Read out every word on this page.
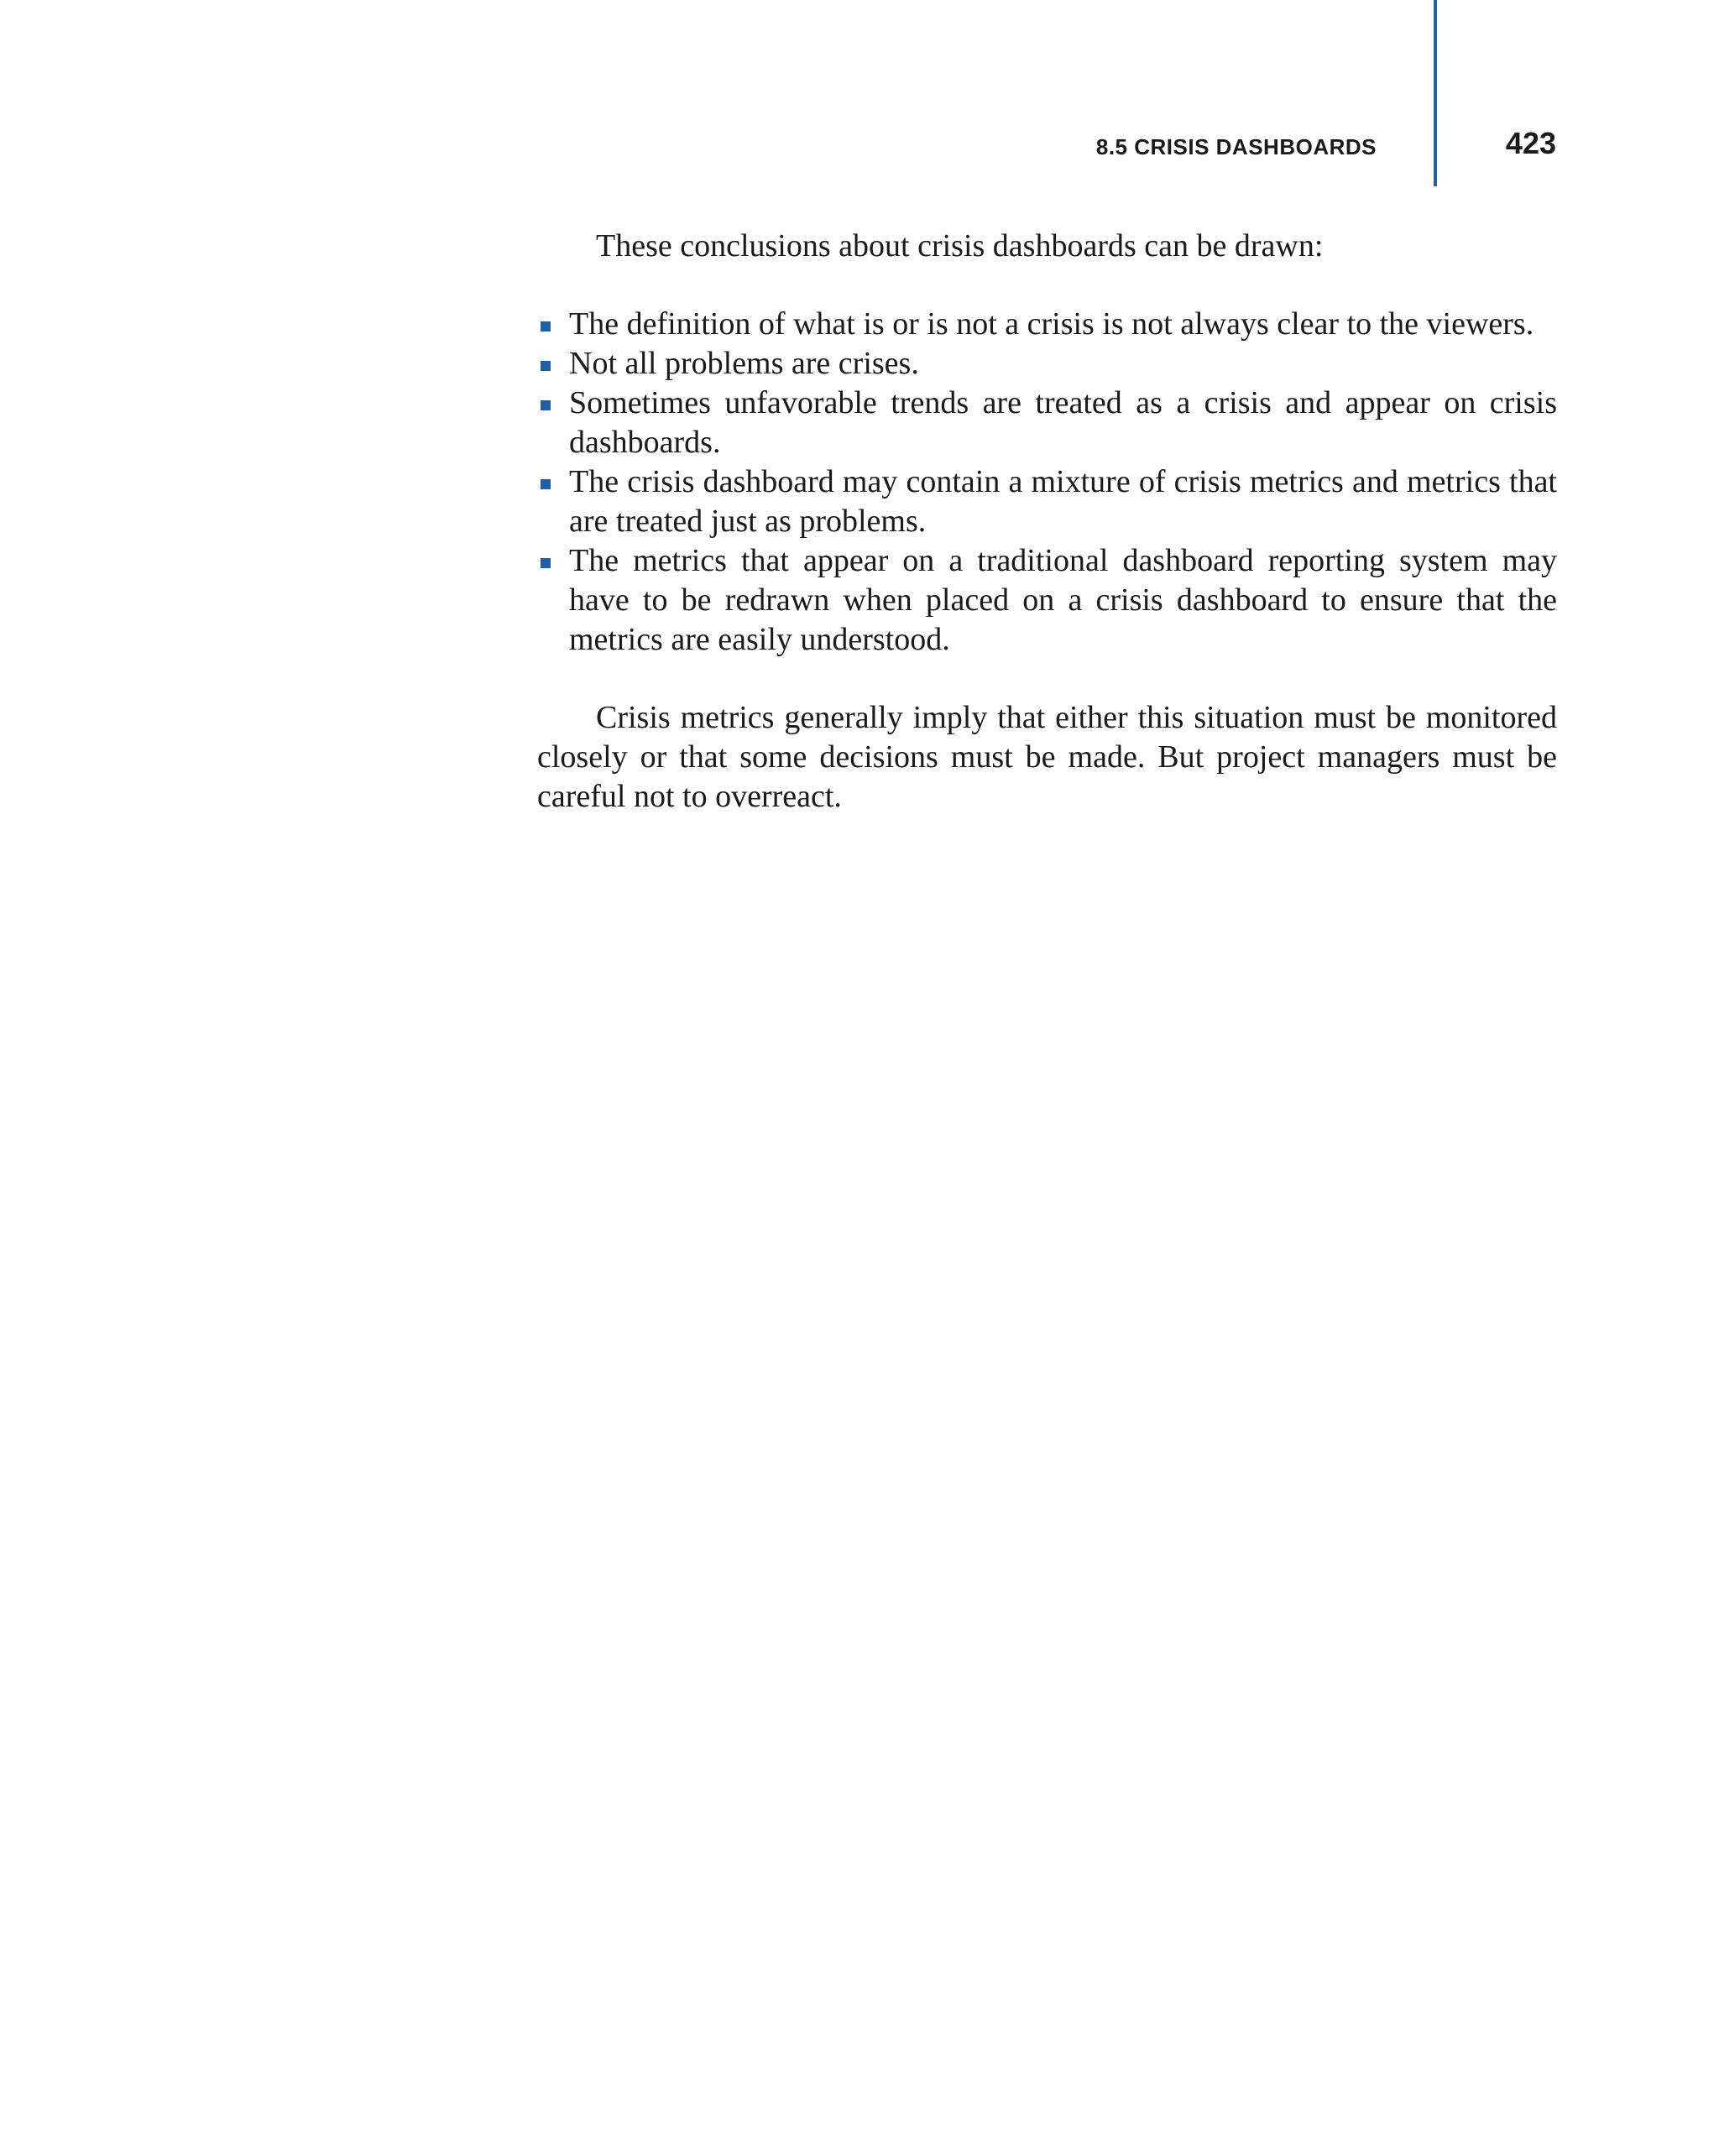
8.5 CRISIS DASHBOARDS	423

These conclusions about crisis dashboards can be drawn:

The definition of what is or is not a crisis is not always clear to the viewers.
Not all problems are crises.
Sometimes unfavorable trends are treated as a crisis and appear on crisis dashboards.
The crisis dashboard may contain a mixture of crisis metrics and metrics that are treated just as problems.
The metrics that appear on a traditional dashboard reporting system may have to be redrawn when placed on a crisis dashboard to ensure that the metrics are easily understood.

Crisis metrics generally imply that either this situation must be monitored closely or that some decisions must be made. But project managers must be careful not to overreact.
